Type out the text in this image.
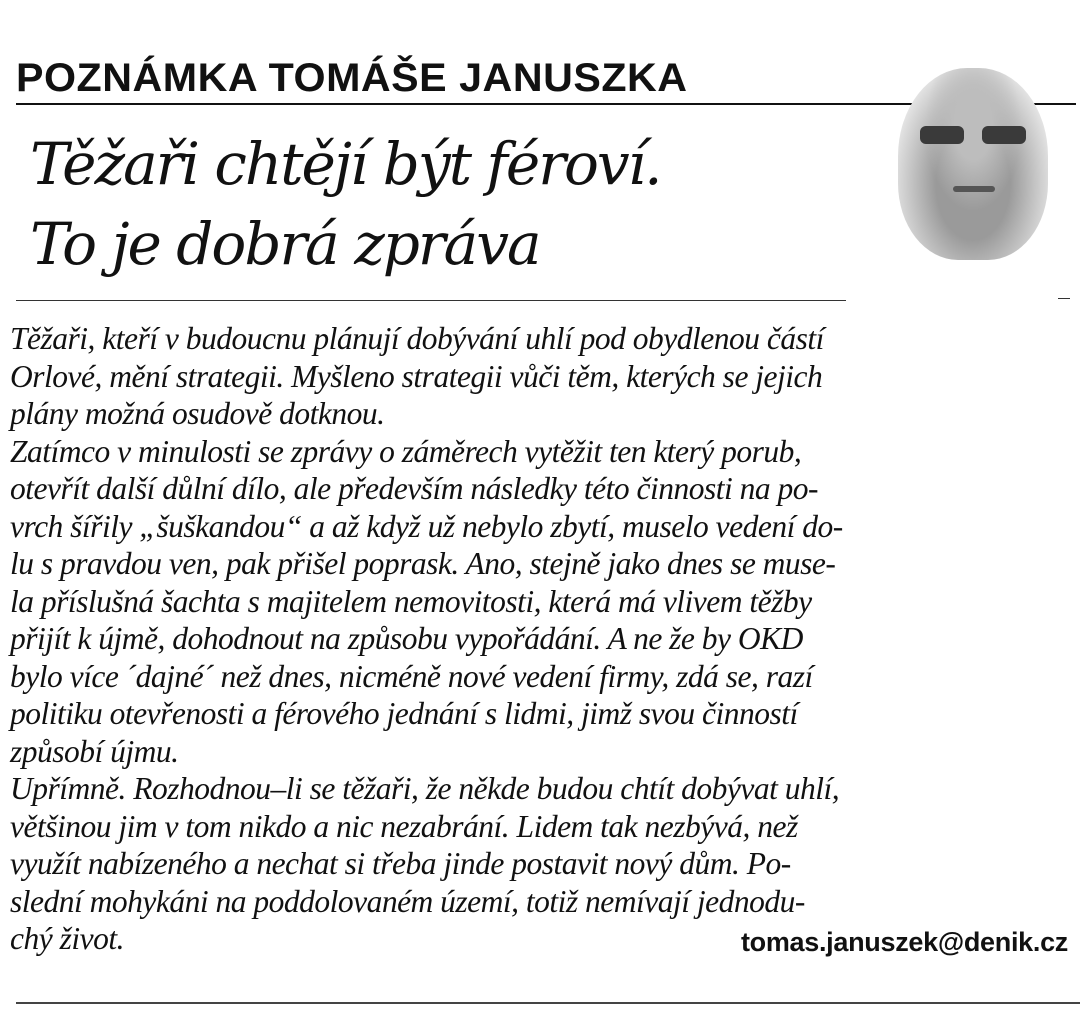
POZNÁMKA TOMÁŠE JANUSZKA
Těžaři chtějí být féroví.
To je dobrá zpráva

Těžaři, kteří v budoucnu plánují dobývání uhlí pod obydlenou částí
Orlové, mění strategii. Myšleno strategii vůči těm, kterých se jejich
plány možná osudově dotknou.

Zatímco v minulosti se zprávy o záměrech vytěžit ten který porub,
otevřít další důlní dílo, ale především následky této činnosti na po-
vrch šířily „šuškandou“ a až když už nebylo zbytí, muselo vedení do-
lu s pravdou ven, pak přišel poprask. Ano, stejně jako dnes se muse-
la příslušná šachta s majitelem nemovitosti, která má vlivem těžby
přijít k újmě, dohodnout na způsobu vypořádání. A ne že by OKD
bylo více ´dajné´ než dnes, nicméně nové vedení firmy, zdá se, razí
politiku otevřenosti a férového jednání s lidmi, jimž svou činností
způsobí újmu.

Upřímně. Rozhodnou–li se těžaři, že někde budou chtít dobývat uhlí,
většinou jim v tom nikdo a nic nezabrání. Lidem tak nezbývá, než
využít nabízeného a nechat si třeba jinde postavit nový dům. Po-
slední mohykáni na poddolovaném území, totiž nemívají jednodu-
chý život.	tomas.januszek@denik.cz
